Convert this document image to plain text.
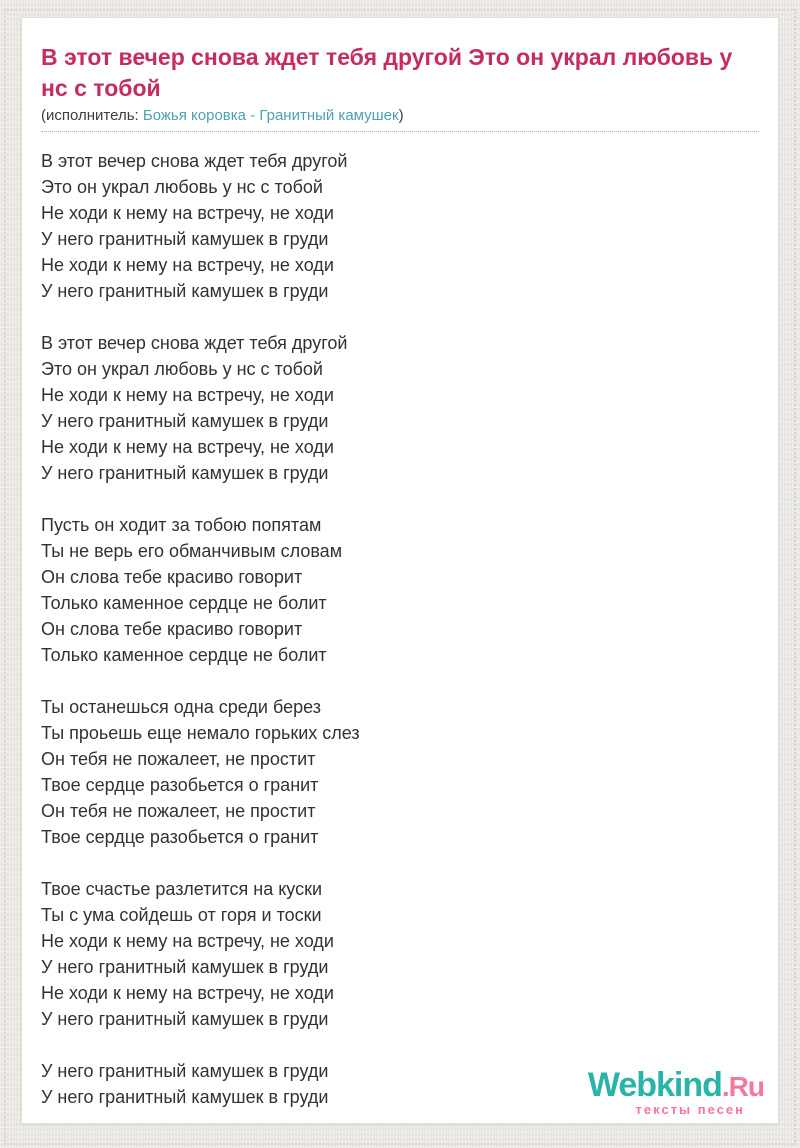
В этот вечер снова ждет тебя другой Это он украл любовь у
нс с тобой
(исполнитель: Божья коровка - Гранитный камушек)

В этот вечер снова ждет тебя другой
Это он украл любовь у нс с тобой
Не ходи к нему на встречу, не ходи
У него гранитный камушек в груди
Не ходи к нему на встречу, не ходи
У него гранитный камушек в груди

В этот вечер снова ждет тебя другой
Это он украл любовь у нс с тобой
Не ходи к нему на встречу, не ходи
У него гранитный камушек в груди
Не ходи к нему на встречу, не ходи
У него гранитный камушек в груди

Пусть он ходит за тобою попятам
Ты не верь его обманчивым словам
Он слова тебе красиво говорит
Только каменное сердце не болит
Он слова тебе красиво говорит
Только каменное сердце не болит

Ты останешься одна среди берез
Ты проьешь еще немало горьких слез
Он тебя не пожалеет, не простит
Твое сердце разобьется о гранит
Он тебя не пожалеет, не простит
Твое сердце разобьется о гранит

Твое счастье разлетится на куски
Ты с ума сойдешь от горя и тоски
Не ходи к нему на встречу, не ходи
У него гранитный камушек в груди
Не ходи к нему на встречу, не ходи
У него гранитный камушек в груди

У него гранитный камушек в груди
У него гранитный камушек в груди	Webkind.Ru
тексты песен
